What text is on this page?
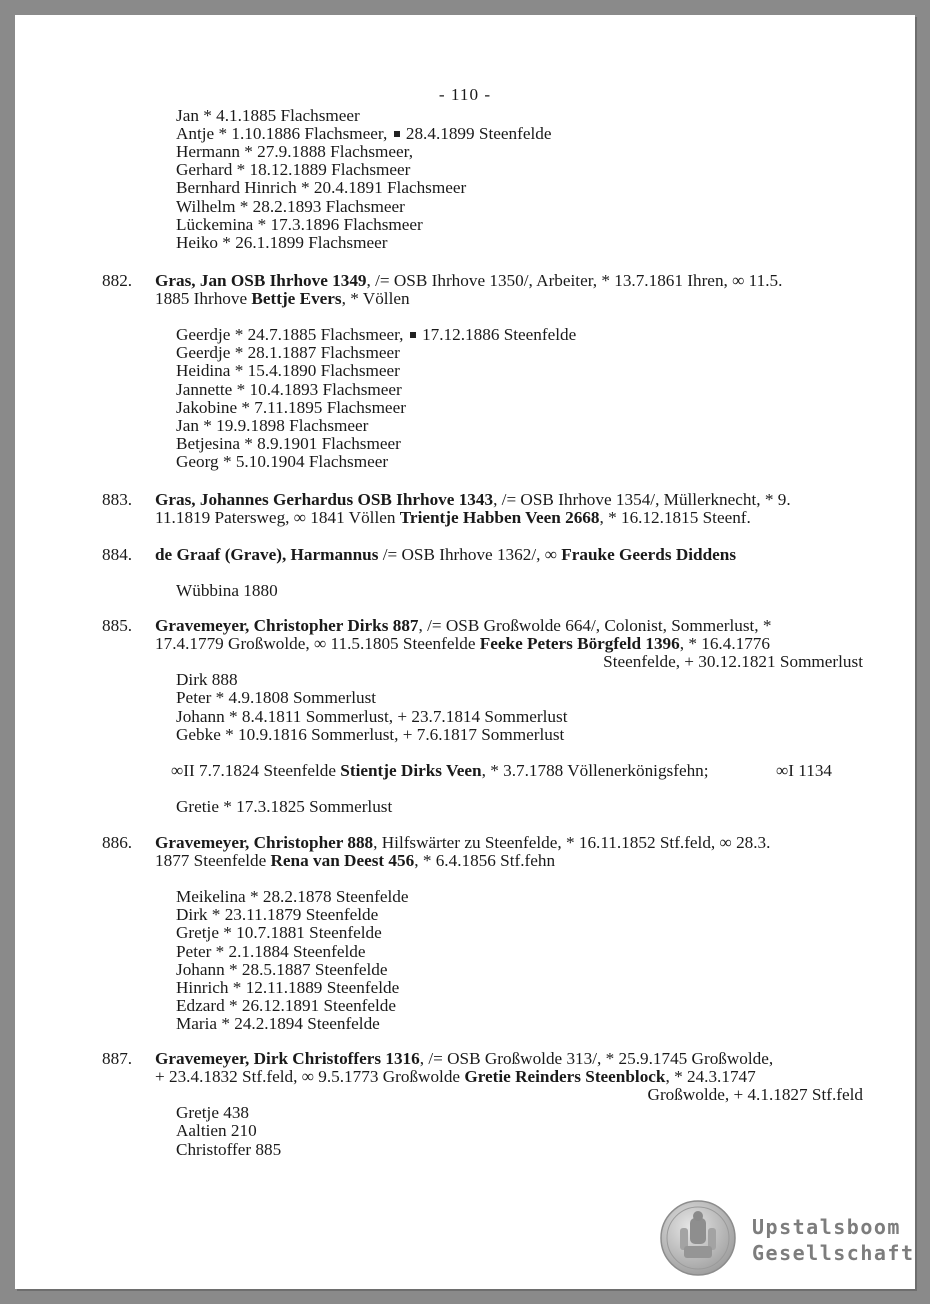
- 110 -
Upstalsboom
Gesellschaft
Jan * 4.1.1885 Flachsmeer
Antje * 1.10.1886 Flachsmeer,  28.4.1899 Steenfelde
Hermann * 27.9.1888 Flachsmeer,
Gerhard * 18.12.1889 Flachsmeer
Bernhard Hinrich * 20.4.1891 Flachsmeer
Wilhelm * 28.2.1893 Flachsmeer
Lückemina * 17.3.1896 Flachsmeer
Heiko * 26.1.1899 Flachsmeer
882. Gras, Jan OSB Ihrhove 1349, /= OSB Ihrhove 1350/, Arbeiter, * 13.7.1861 Ihren, ∞ 11.5.
1885 Ihrhove Bettje Evers, * Völlen
Geerdje * 24.7.1885 Flachsmeer,  17.12.1886 Steenfelde
Geerdje * 28.1.1887 Flachsmeer
Heidina * 15.4.1890 Flachsmeer
Jannette * 10.4.1893 Flachsmeer
Jakobine * 7.11.1895 Flachsmeer
Jan * 19.9.1898 Flachsmeer
Betjesina * 8.9.1901 Flachsmeer
Georg * 5.10.1904 Flachsmeer
883. Gras, Johannes Gerhardus OSB Ihrhove 1343, /= OSB Ihrhove 1354/, Müllerknecht, * 9.
11.1819 Patersweg, ∞ 1841 Völlen Trientje Habben Veen 2668, * 16.12.1815 Steenf.
884. de Graaf (Grave), Harmannus /= OSB Ihrhove 1362/, ∞ Frauke Geerds Diddens
Wübbina 1880
885. Gravemeyer, Christopher Dirks 887, /= OSB Großwolde 664/, Colonist, Sommerlust, *
17.4.1779 Großwolde, ∞ 11.5.1805 Steenfelde Feeke Peters Börgfeld 1396, * 16.4.1776
Steenfelde, + 30.12.1821 Sommerlust
Dirk 888
Peter * 4.9.1808 Sommerlust
Johann * 8.4.1811 Sommerlust, + 23.7.1814 Sommerlust
Gebke * 10.9.1816 Sommerlust, + 7.6.1817 Sommerlust
∞II 7.7.1824 Steenfelde Stientje Dirks Veen, * 3.7.1788 Völlenerkönigsfehn;	∞I 1134
Gretie * 17.3.1825 Sommerlust
886. Gravemeyer, Christopher 888, Hilfswärter zu Steenfelde, * 16.11.1852 Stf.feld, ∞ 28.3.
1877 Steenfelde Rena van Deest 456, * 6.4.1856 Stf.fehn
Meikelina * 28.2.1878 Steenfelde
Dirk * 23.11.1879 Steenfelde
Gretje * 10.7.1881 Steenfelde
Peter * 2.1.1884 Steenfelde
Johann * 28.5.1887 Steenfelde
Hinrich * 12.11.1889 Steenfelde
Edzard * 26.12.1891 Steenfelde
Maria * 24.2.1894 Steenfelde
887. Gravemeyer, Dirk Christoffers 1316, /= OSB Großwolde 313/, * 25.9.1745 Großwolde,
+ 23.4.1832 Stf.feld, ∞ 9.5.1773 Großwolde Gretie Reinders Steenblock, * 24.3.1747
Großwolde, + 4.1.1827 Stf.feld
Gretje 438
Aaltien 210
Christoffer 885
